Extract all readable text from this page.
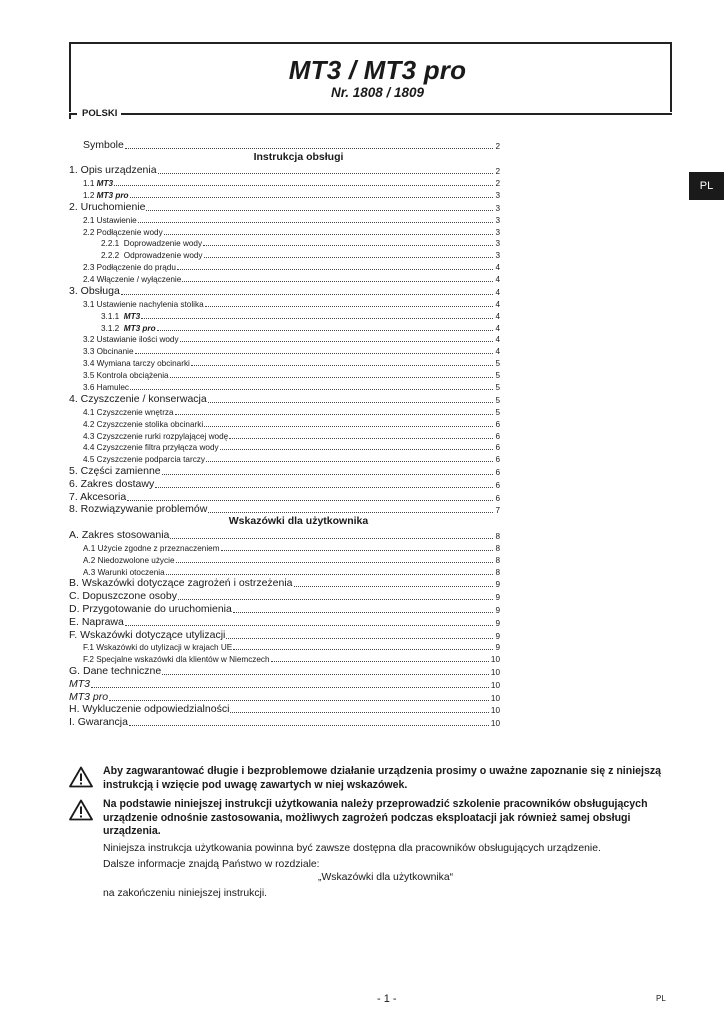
MT3 / MT3 pro
Nr. 1808 / 1809
POLSKI
PL
Symbole	2
Instrukcja obsługi
1. Opis urządzenia	2
1.1 MT3	2
1.2 MT3 pro	3
2. Uruchomienie	3
2.1 Ustawienie	3
2.2 Podłączenie wody	3
2.2.1 Doprowadzenie wody	3
2.2.2 Odprowadzenie wody	3
2.3 Podłączenie do prądu	4
2.4 Włączenie / wyłączenie	4
3. Obsługa	4
3.1 Ustawienie nachylenia stolika	4
3.1.1 MT3	4
3.1.2 MT3 pro	4
3.2 Ustawianie ilości wody	4
3.3 Obcinanie	4
3.4 Wymiana tarczy obcinarki	5
3.5 Kontrola obciążenia	5
3.6 Hamulec	5
4. Czyszczenie / konserwacja	5
4.1 Czyszczenie wnętrza	5
4.2 Czyszczenie stolika obcinarki	6
4.3 Czyszczenie rurki rozpylającej wodę	6
4.4 Czyszczenie filtra przyłącza wody	6
4.5 Czyszczenie podparcia tarczy	6
5. Części zamienne	6
6. Zakres dostawy	6
7. Akcesoria	6
8. Rozwiązywanie problemów	7
Wskazówki dla użytkownika
A. Zakres stosowania	8
A.1 Użycie zgodne z przeznaczeniem	8
A.2 Niedozwolone użycie	8
A.3 Warunki otoczenia	8
B. Wskazówki dotyczące zagrożeń i ostrzeżenia	9
C. Dopuszczone osoby	9
D. Przygotowanie do uruchomienia	9
E. Naprawa	9
F. Wskazówki dotyczące utylizacji	9
F.1 Wskazówki do utylizacji w krajach UE	9
F.2 Specjalne wskazówki dla klientów w Niemczech	10
G. Dane techniczne	10
MT3	10
MT3 pro	10
H. Wykluczenie odpowiedzialności	10
I. Gwarancja	10
Aby zagwarantować długie i bezproblemowe działanie urządzenia prosimy o uważne zapoznanie się z niniejszą instrukcją i wzięcie pod uwagę zawartych w niej wskazówek.
Na podstawie niniejszej instrukcji użytkowania należy przeprowadzić szkolenie pracowników obsługujących urządzenie odnośnie zastosowania, możliwych zagrożeń podczas eksploatacji jak również samej obsługi urządzenia.
Niniejsza instrukcja użytkowania powinna być zawsze dostępna dla pracowników obsługujących urządzenie.
Dalsze informacje znajdą Państwo w rozdziale:
„Wskazówki dla użytkownika“
na zakończeniu niniejszej instrukcji.
- 1 -	PL
